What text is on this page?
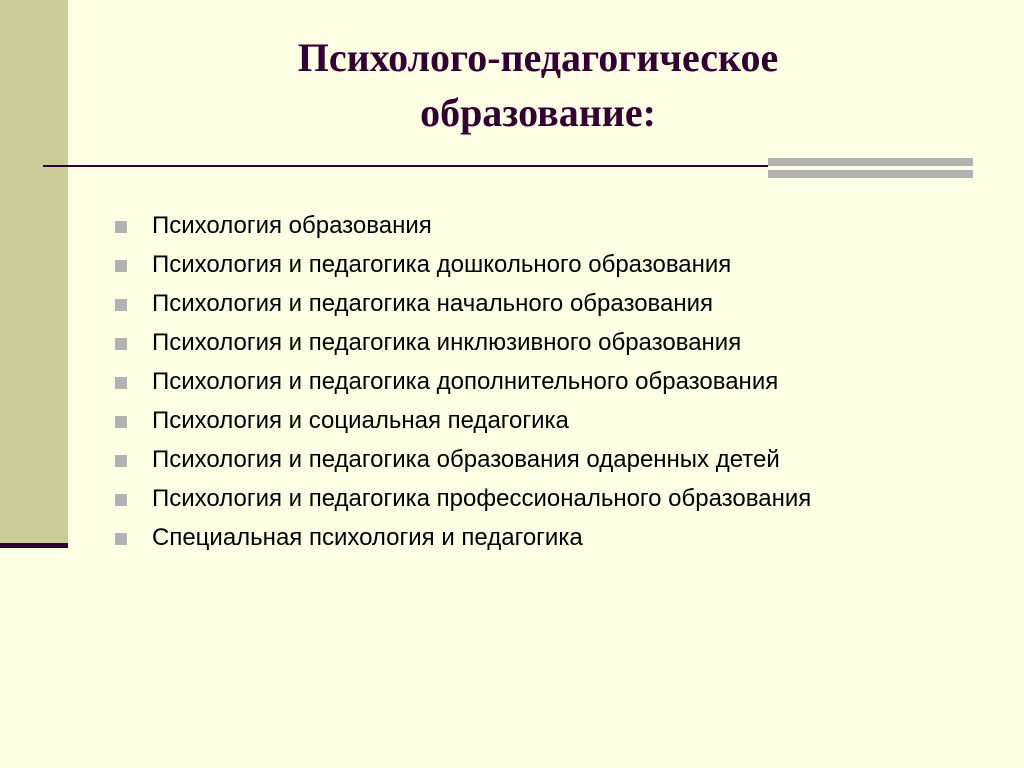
Психолого-педагогическое
образование:
Психология образования
Психология и педагогика дошкольного образования
Психология и педагогика начального образования
Психология и педагогика инклюзивного образования
Психология и педагогика дополнительного образования
Психология и социальная педагогика
Психология и педагогика образования одаренных детей
Психология и педагогика профессионального образования
Специальная психология и педагогика
